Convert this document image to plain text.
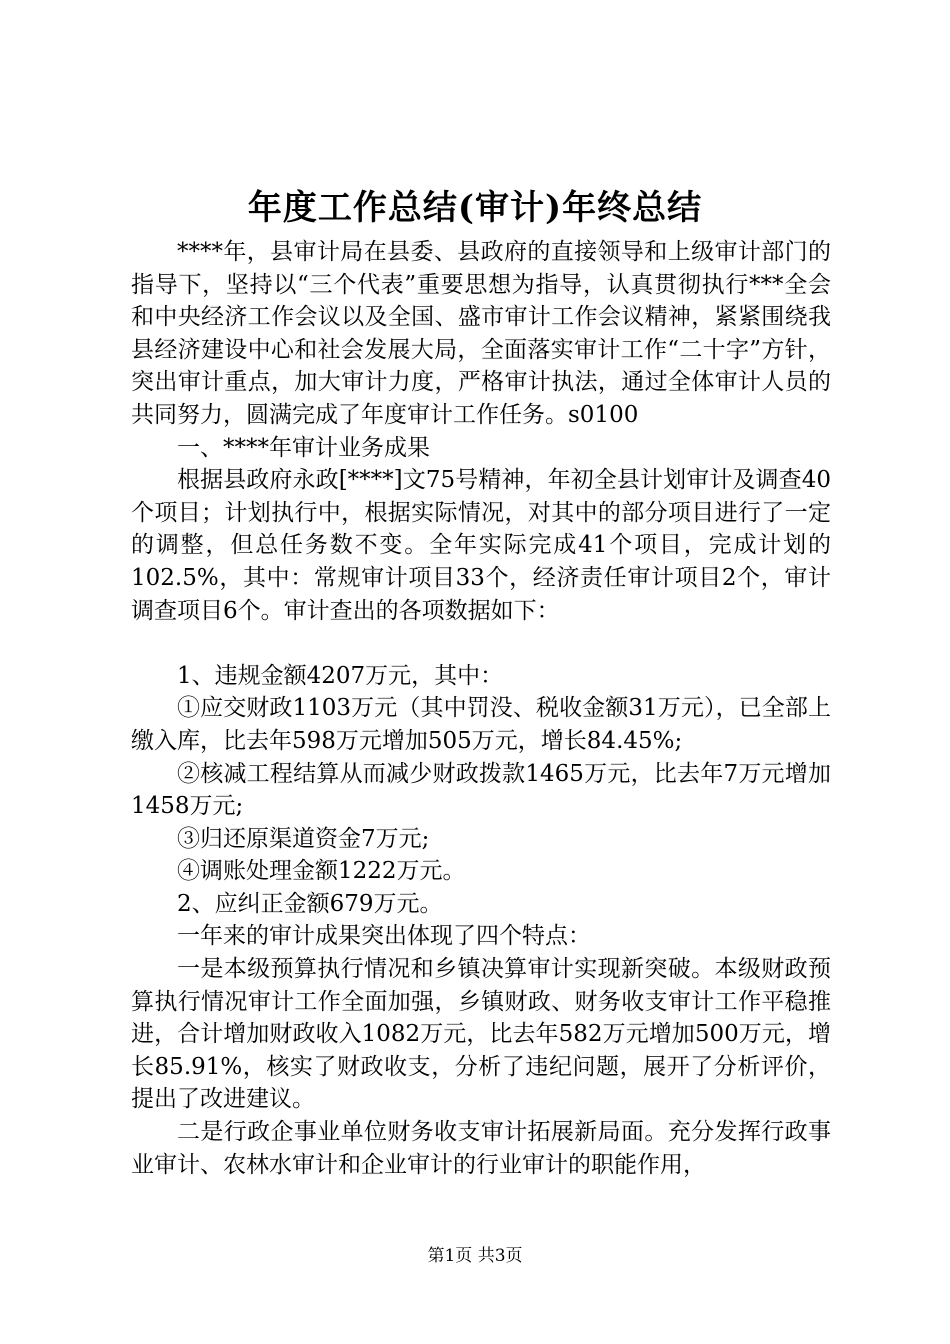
年度工作总结(审计)年终总结

****年，县审计局在县委、县政府的直接领导和上级审计部门的指导下，坚持以“三个代表”重要思想为指导，认真贯彻执行***全会和中央经济工作会议以及全国、盛市审计工作会议精神，紧紧围绕我县经济建设中心和社会发展大局，全面落实审计工作“二十字”方针，突出审计重点，加大审计力度，严格审计执法，通过全体审计人员的共同努力，圆满完成了年度审计工作任务。s0100

一、****年审计业务成果

根据县政府永政[****]文75号精神，年初全县计划审计及调查40个项目；计划执行中，根据实际情况，对其中的部分项目进行了一定的调整，但总任务数不变。全年实际完成41个项目，完成计划的102.5%，其中：常规审计项目33个，经济责任审计项目2个，审计调查项目6个。审计查出的各项数据如下：

1、违规金额4207万元，其中：

①应交财政1103万元（其中罚没、税收金额31万元），已全部上缴入库，比去年598万元增加505万元，增长84.45%;

②核减工程结算从而减少财政拨款1465万元，比去年7万元增加1458万元;

③归还原渠道资金7万元;

④调账处理金额1222万元。

2、应纠正金额679万元。

一年来的审计成果突出体现了四个特点：

一是本级预算执行情况和乡镇决算审计实现新突破。本级财政预算执行情况审计工作全面加强，乡镇财政、财务收支审计工作平稳推进，合计增加财政收入1082万元，比去年582万元增加500万元，增长85.91%，核实了财政收支，分析了违纪问题，展开了分析评价，提出了改进建议。

二是行政企事业单位财务收支审计拓展新局面。充分发挥行政事业审计、农林水审计和企业审计的行业审计的职能作用，

第1页 共3页
